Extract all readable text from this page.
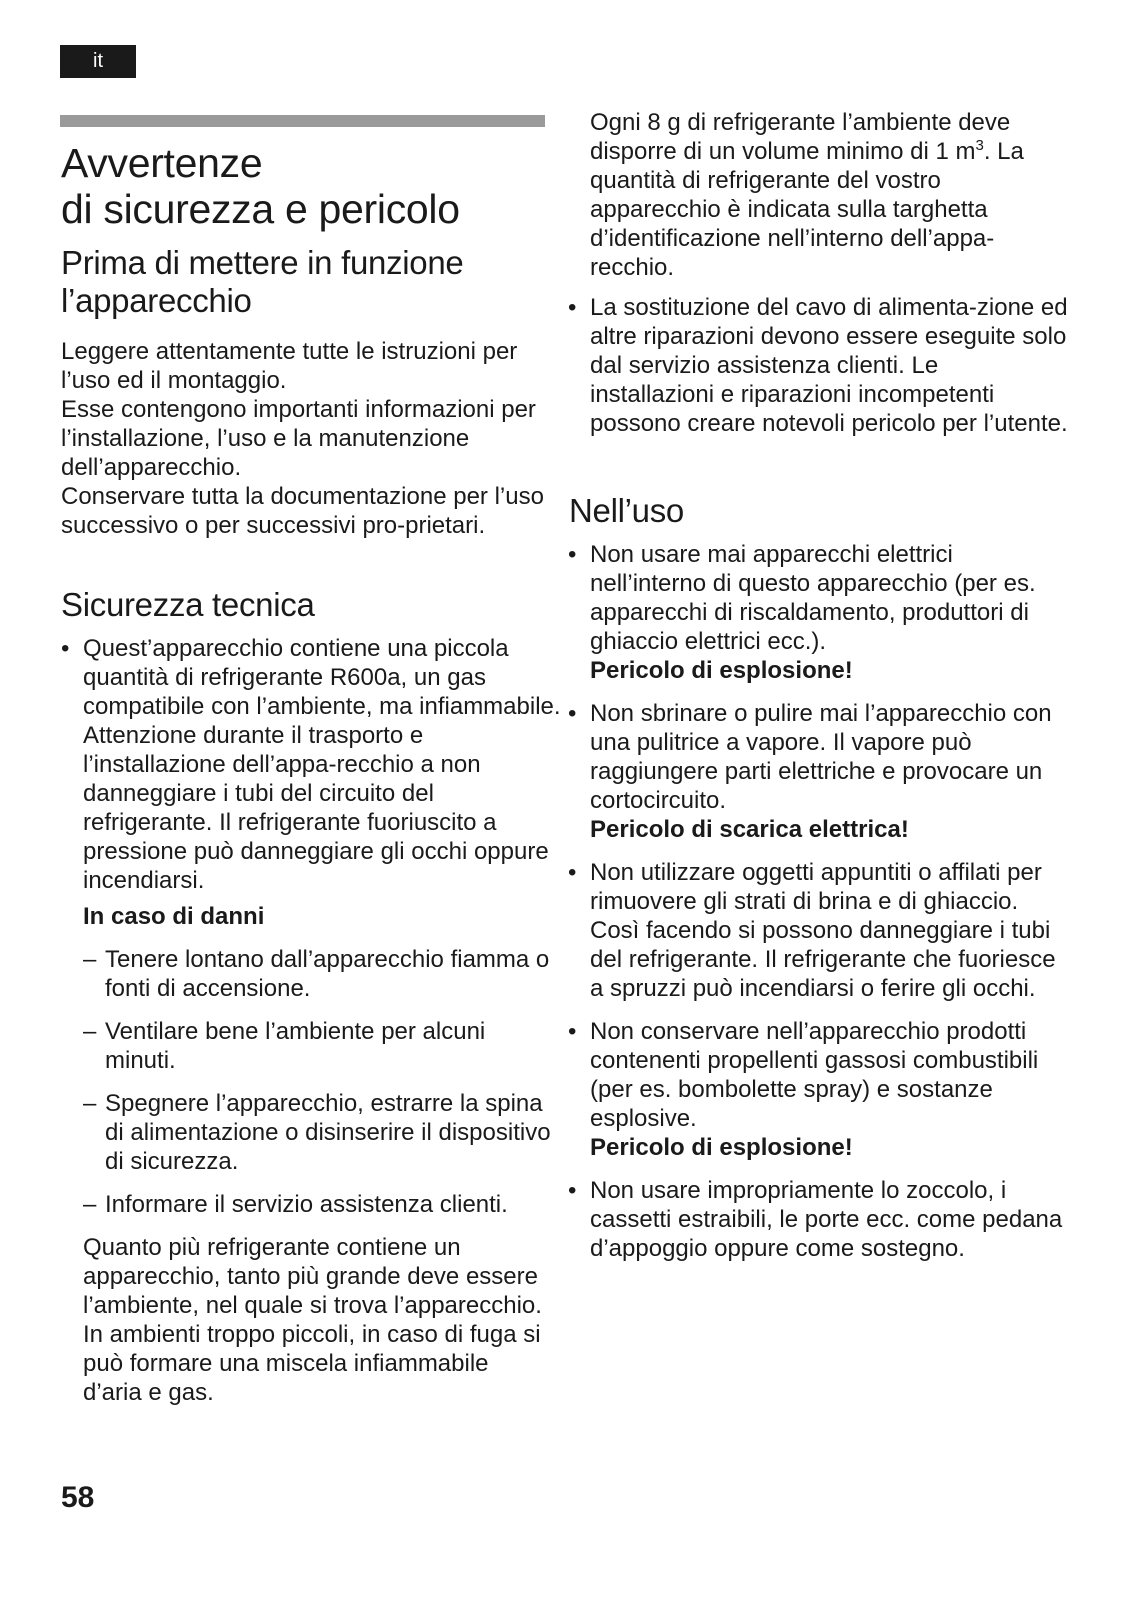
it
Avvertenze
di sicurezza e pericolo
Prima di mettere in funzione
l’apparecchio

Leggere attentamente tutte le istruzioni per l’uso ed il montaggio.

Esse contengono importanti informazioni per l’installazione, l’uso e la manutenzione dell’apparecchio.

Conservare tutta la documentazione per l’uso successivo o per successivi pro-prietari.

Sicurezza tecnica
• Quest’apparecchio contiene una piccola quantità di refrigerante R600a, un gas compatibile con l’ambiente, ma infiammabile. Attenzione durante il trasporto e l’installazione dell’appa-recchio a non danneggiare i tubi del circuito del refrigerante. Il refrigerante fuoriuscito a pressione può danneggiare gli occhi oppure incendiarsi.

In caso di danni

– Tenere lontano dall’apparecchio fiamma o fonti di accensione.
– Ventilare bene l’ambiente per alcuni minuti.
– Spegnere l’apparecchio, estrarre la spina di alimentazione o disinserire il dispositivo di sicurezza.
– Informare il servizio assistenza clienti.

Quanto più refrigerante contiene un apparecchio, tanto più grande deve essere l’ambiente, nel quale si trova l’apparecchio. In ambienti troppo piccoli, in caso di fuga si può formare una miscela infiammabile d’aria e gas.

Ogni 8 g di refrigerante l’ambiente deve disporre di un volume minimo di 1 $m^3$. La quantità di refrigerante del vostro apparecchio è indicata sulla targhetta d’identificazione nell’interno dell’appa-recchio.

• La sostituzione del cavo di alimenta-zione ed altre riparazioni devono essere eseguite solo dal servizio assistenza clienti. Le installazioni e riparazioni incompetenti possono creare notevoli pericolo per l’utente.
Nell’uso
• Non usare mai apparecchi elettrici nell’interno di questo apparecchio (per es. apparecchi di riscaldamento, produttori di ghiaccio elettrici ecc.).
Pericolo di esplosione!
• Non sbrinare o pulire mai l’apparecchio con una pulitrice a vapore. Il vapore può raggiungere parti elettriche e provocare un cortocircuito.
Pericolo di scarica elettrica!
• Non utilizzare oggetti appuntiti o affilati per rimuovere gli strati di brina e di ghiaccio. Così facendo si possono danneggiare i tubi del refrigerante. Il refrigerante che fuoriesce a spruzzi può incendiarsi o ferire gli occhi.
• Non conservare nell’apparecchio prodotti contenenti propellenti gassosi combustibili (per es. bombolette spray) e sostanze esplosive.
Pericolo di esplosione!
• Non usare impropriamente lo zoccolo, i cassetti estraibili, le porte ecc. come pedana d’appoggio oppure come sostegno.
58
